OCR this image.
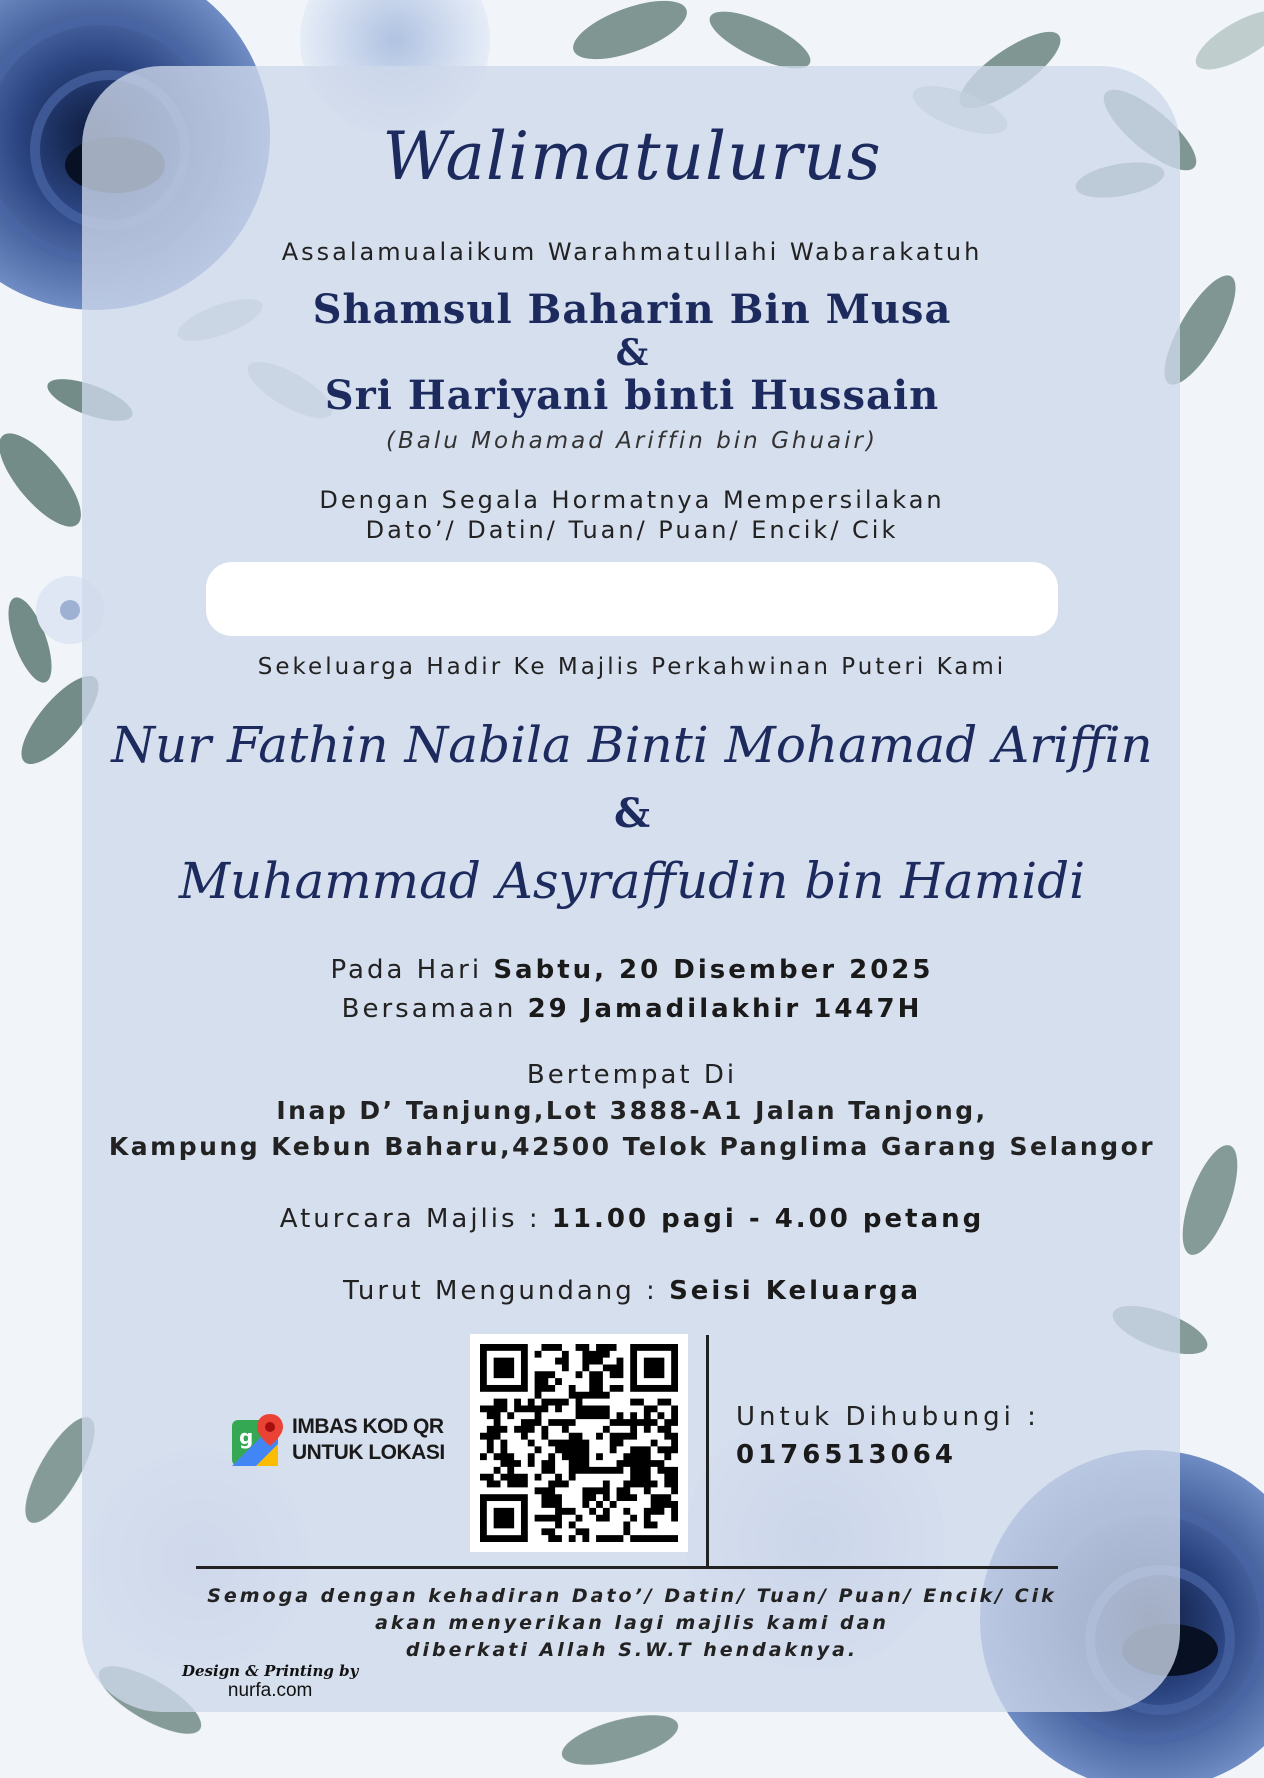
Walimatulurus
Assalamualaikum Warahmatullahi Wabarakatuh
Shamsul Baharin Bin Musa
&
Sri Hariyani binti Hussain
(Balu Mohamad Ariffin bin Ghuair)
Dengan Segala Hormatnya Mempersilakan
Dato’/ Datin/ Tuan/ Puan/ Encik/ Cik
Sekeluarga Hadir Ke Majlis Perkahwinan Puteri Kami
Nur Fathin Nabila Binti Mohamad Ariffin
&
Muhammad Asyraffudin bin Hamidi
Pada Hari Sabtu, 20 Disember 2025
Bersamaan 29 Jamadilakhir 1447H
Bertempat Di
Inap D’ Tanjung,Lot 3888-A1 Jalan Tanjong,
Kampung Kebun Baharu,42500 Telok Panglima Garang Selangor
Aturcara Majlis : 11.00 pagi - 4.00 petang
Turut Mengundang : Seisi Keluarga
g IMBAS KOD QR
UNTUK LOKASI
Untuk Dihubungi :
0176513064
Semoga dengan kehadiran Dato’/ Datin/ Tuan/ Puan/ Encik/ Cik
akan menyerikan lagi majlis kami dan
diberkati Allah S.W.T hendaknya.
Design & Printing by
nurfa.com
